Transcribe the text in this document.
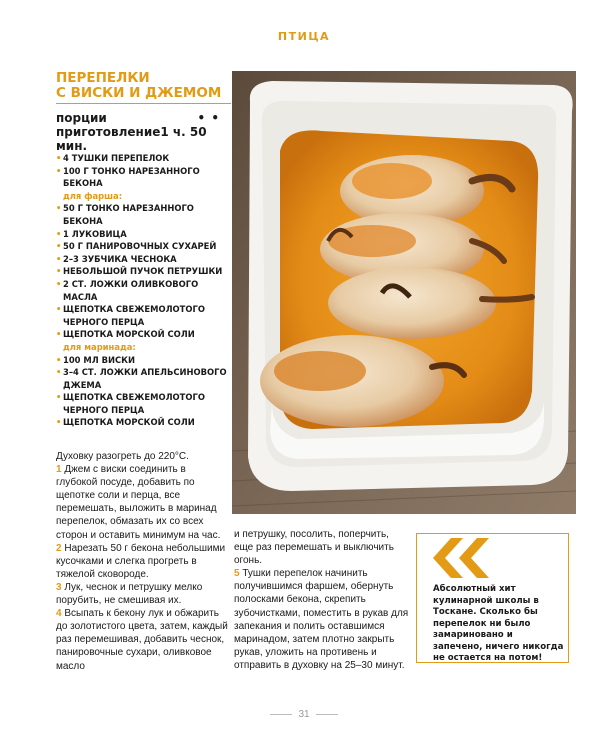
ПТИЦА
ПЕРЕПЕЛКИ
С ВИСКИ И ДЖЕМОМ
порции	• •
приготовление1 ч. 50 мин.
• 4 ТУШКИ ПЕРЕПЕЛОК
• 100 Г ТОНКО НАРЕЗАННОГО БЕКОНА
для фарша:
• 50 Г ТОНКО НАРЕЗАННОГО БЕКОНА
• 1 ЛУКОВИЦА
• 50 Г ПАНИРОВОЧНЫХ СУХАРЕЙ
• 2–3 ЗУБЧИКА ЧЕСНОКА
• НЕБОЛЬШОЙ ПУЧОК ПЕТРУШКИ
• 2 СТ. ЛОЖКИ ОЛИВКОВОГО МАСЛА
• ЩЕПОТКА СВЕЖЕМОЛОТОГО ЧЕРНОГО ПЕРЦА
• ЩЕПОТКА МОРСКОЙ СОЛИ
для маринада:
• 100 МЛ ВИСКИ
• 3–4 СТ. ЛОЖКИ АПЕЛЬСИНОВОГО ДЖЕМА
• ЩЕПОТКА СВЕЖЕМОЛОТОГО ЧЕРНОГО ПЕРЦА
• ЩЕПОТКА МОРСКОЙ СОЛИ

Духовку разогреть до 220°C.

1 Джем с виски соединить в глубокой посуде, добавить по щепотке соли и перца, все перемешать, выложить в маринад перепелок, обмазать их со всех сторон и оставить минимум на час.

2 Нарезать 50 г бекона небольшими кусочками и слегка прогреть в тяжелой сковороде.

3 Лук, чеснок и петрушку мелко порубить, не смешивая их.

4 Всыпать к бекону лук и обжарить до золотистого цвета, затем, каждый раз перемешивая, добавить чеснок, панировочные сухари, оливковое масло

и петрушку, посолить, поперчить, еще раз перемешать и выключить огонь.

5 Тушки перепелок начинить получившимся фаршем, обернуть полосками бекона, скрепить зубочистками, поместить в рукав для запекания и полить оставшимся маринадом, затем плотно закрыть рукав, уложить на противень и отправить в духовку на 25–30 минут.

Абсолютный хит кулинарной школы в Тоскане. Сколько бы перепелок ни было замариновано и запечено, ничего никогда не остается на потом!
31
